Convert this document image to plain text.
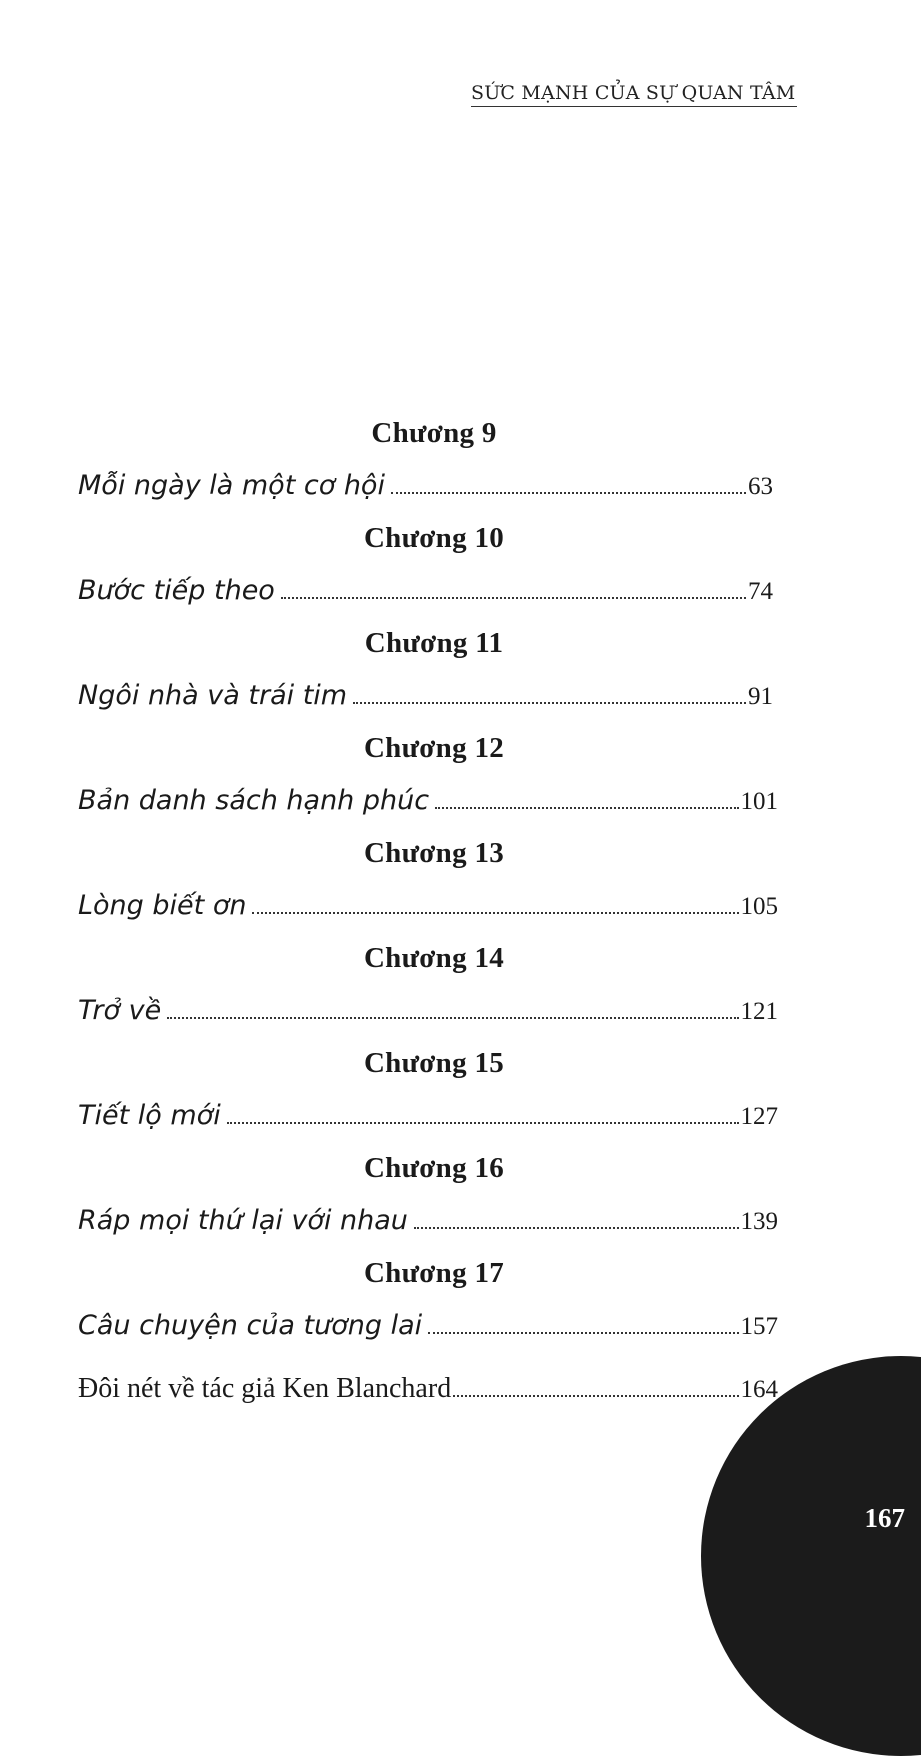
SỨC MẠNH CỦA SỰ QUAN TÂM
Chương 9
Mỗi ngày là một cơ hội	63
Chương 10
Bước tiếp theo	74
Chương 11
Ngôi nhà và trái tim	91
Chương 12
Bản danh sách hạnh phúc	101
Chương 13
Lòng biết ơn	105
Chương 14
Trở về	121
Chương 15
Tiết lộ mới	127
Chương 16
Ráp mọi thứ lại với nhau	139
Chương 17
Câu chuyện của tương lai	157
Đôi nét về tác giả Ken Blanchard	164
167
